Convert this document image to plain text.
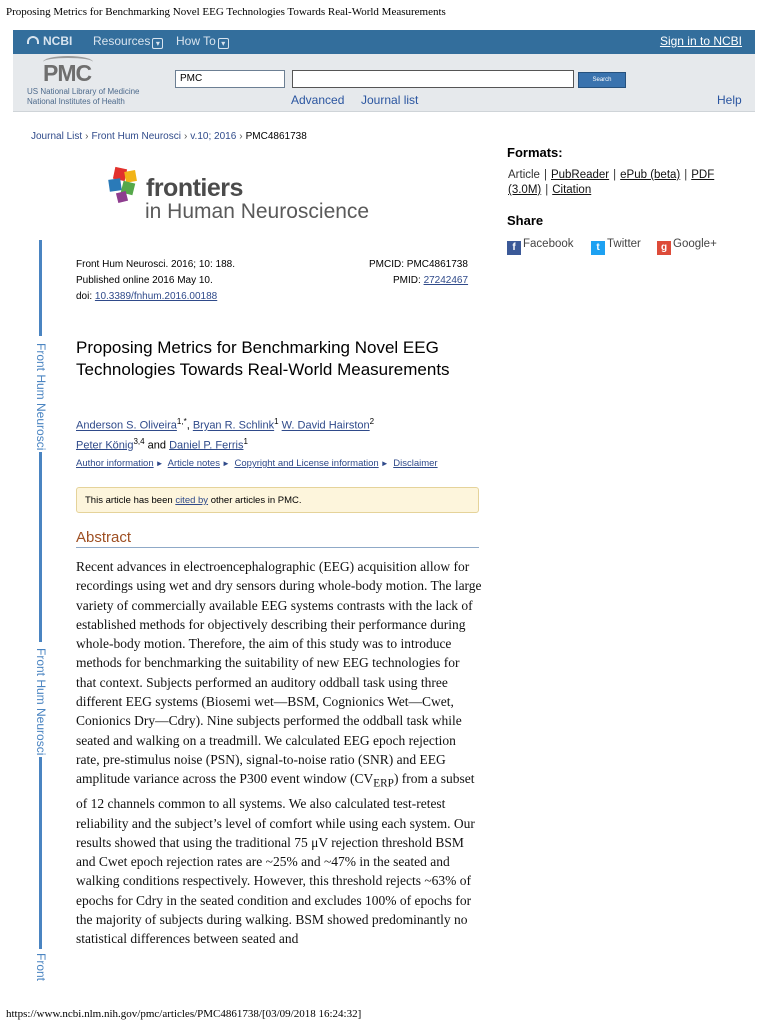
Proposing Metrics for Benchmarking Novel EEG Technologies Towards Real-World Measurements
NCBI Resources ▾ How To ▾	Sign in to NCBI
PMC
US National Library of Medicine
National Institutes of Health
PMC	Search
Advanced Journal list	Help
Journal List › Front Hum Neurosci › v.10; 2016 › PMC4861738
Front Hum Neurosci
Front Hum Neurosci
Front
frontiers
in Human Neuroscience
Front Hum Neurosci. 2016; 10: 188.
Published online 2016 May 10.
doi: 10.3389/fnhum.2016.00188
PMCID: PMC4861738
PMID: 27242467
Proposing Metrics for Benchmarking Novel EEG Technologies Towards Real-World Measurements
Anderson S. Oliveira$^{1,*}$, Bryan R. Schlink$^1$ W. David Hairston$^2$
Peter König$^{3,4}$ and Daniel P. Ferris$^1$
Author information ► Article notes ► Copyright and License information ► Disclaimer
This article has been cited by other articles in PMC.
Abstract

Recent advances in electroencephalographic (EEG) acquisition allow for recordings using wet and dry sensors during whole-body motion. The large variety of commercially available EEG systems contrasts with the lack of established methods for objectively describing their performance during whole-body motion. Therefore, the aim of this study was to introduce methods for benchmarking the suitability of new EEG technologies for that context. Subjects performed an auditory oddball task using three different EEG systems (Biosemi wet—BSM, Cognionics Wet—Cwet, Conionics Dry—Cdry). Nine subjects performed the oddball task while seated and walking on a treadmill. We calculated EEG epoch rejection rate, pre-stimulus noise (PSN), signal-to-noise ratio (SNR) and EEG amplitude variance across the P300 event window $(CV_{ERP})$ from a subset of 12 channels common to all systems. We also calculated test-retest reliability and the subject’s level of comfort while using each system. Our results showed that using the traditional 75 μV rejection threshold BSM and Cwet epoch rejection rates are ~25% and ~47% in the seated and walking conditions respectively. However, this threshold rejects ~63% of epochs for Cdry in the seated condition and excludes 100% of epochs for the majority of subjects during walking. BSM showed predominantly no statistical differences between seated and

Formats:
Article | PubReader | ePub (beta) | PDF (3.0M) | Citation
Share
f Facebook	t Twitter	g Google+
https://www.ncbi.nlm.nih.gov/pmc/articles/PMC4861738/[03/09/2018 16:24:32]
